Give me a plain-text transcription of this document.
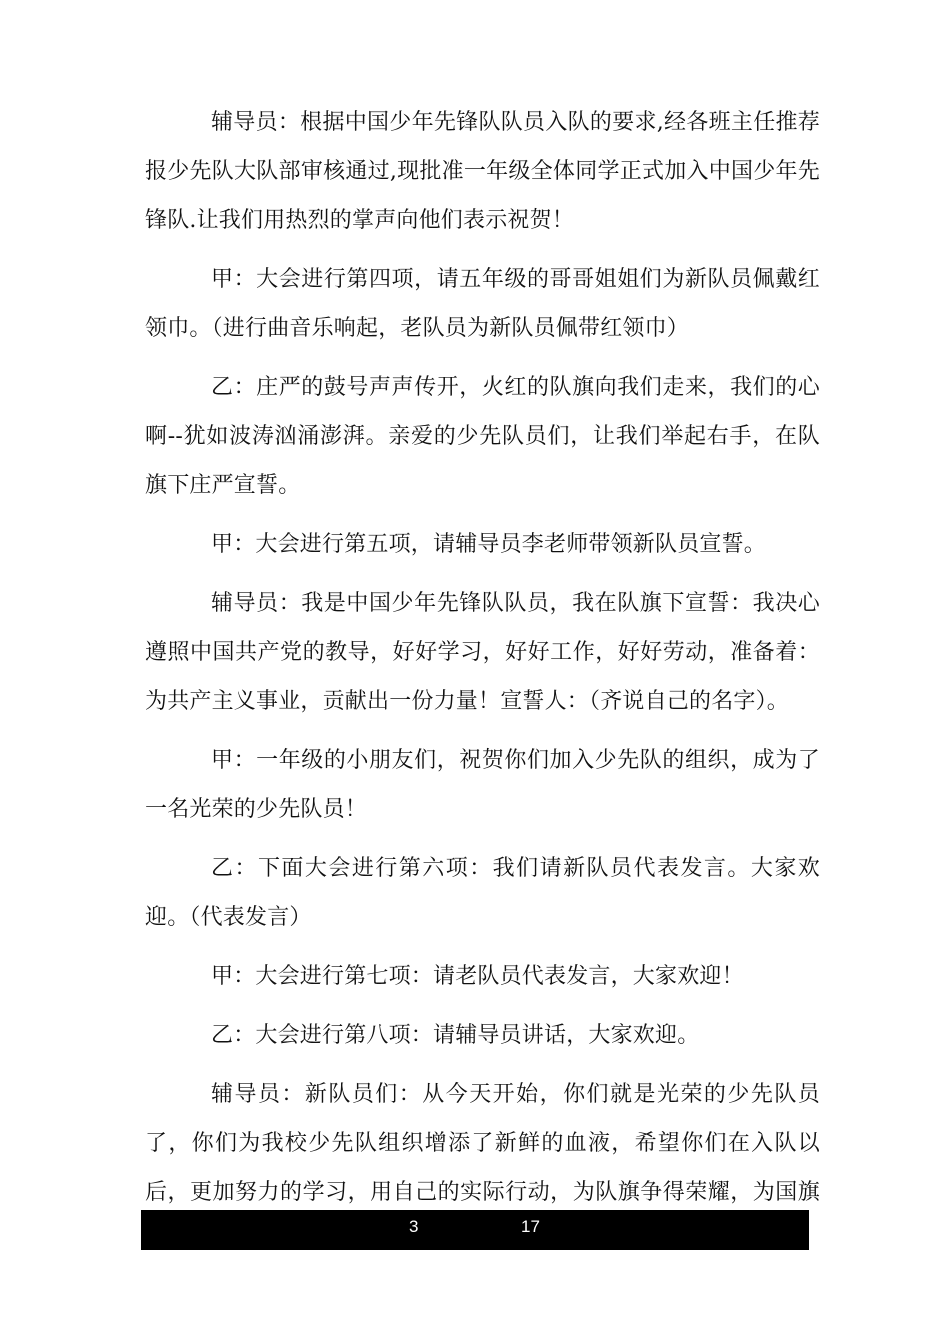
辅导员：根据中国少年先锋队队员入队的要求,经各班主任推荐报少先队大队部审核通过,现批准一年级全体同学正式加入中国少年先锋队.让我们用热烈的掌声向他们表示祝贺！

甲：大会进行第四项，请五年级的哥哥姐姐们为新队员佩戴红领巾。（进行曲音乐响起，老队员为新队员佩带红领巾）

乙：庄严的鼓号声声传开，火红的队旗向我们走来，我们的心啊--犹如波涛汹涌澎湃。亲爱的少先队员们，让我们举起右手，在队旗下庄严宣誓。

甲：大会进行第五项，请辅导员李老师带领新队员宣誓。

辅导员：我是中国少年先锋队队员，我在队旗下宣誓：我决心遵照中国共产党的教导，好好学习，好好工作，好好劳动，准备着：为共产主义事业，贡献出一份力量！宣誓人：（齐说自己的名字）。

甲：一年级的小朋友们，祝贺你们加入少先队的组织，成为了一名光荣的少先队员！

乙：下面大会进行第六项：我们请新队员代表发言。大家欢迎。（代表发言）

甲：大会进行第七项：请老队员代表发言，大家欢迎！

乙：大会进行第八项：请辅导员讲话，大家欢迎。

辅导员：新队员们：从今天开始，你们就是光荣的少先队员了，你们为我校少先队组织增添了新鲜的血液，希望你们在入队以后，更加努力的学习，用自己的实际行动，为队旗争得荣耀，为国旗

3	17
